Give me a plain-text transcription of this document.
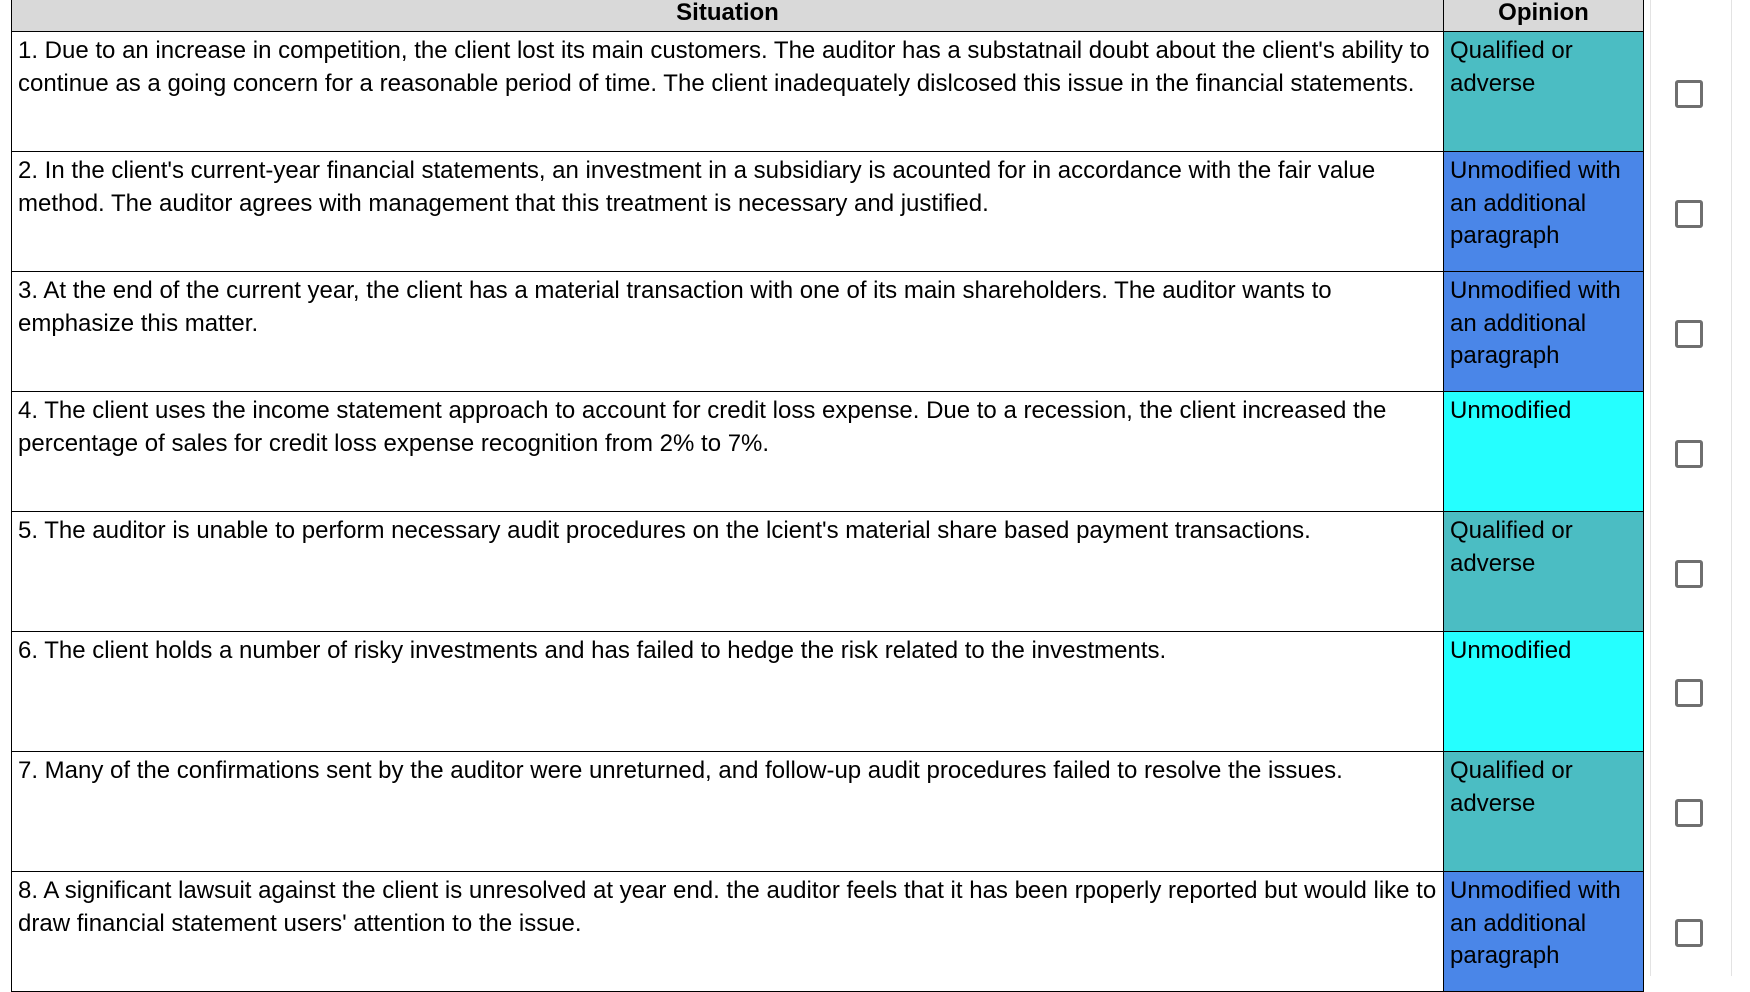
Situation	Opinion
1. Due to an increase in competition, the client lost its main customers. The auditor has a substatnail doubt about the client's ability to continue as a going concern for a reasonable period of time. The client inadequately dislcosed this issue in the financial statements.	Qualified or adverse
2. In the client's current-year financial statements, an investment in a subsidiary is acounted for in accordance with the fair value method. The auditor agrees with management that this treatment is necessary and justified.	Unmodified with an additional paragraph
3. At the end of the current year, the client has a material transaction with one of its main shareholders. The auditor wants to emphasize this matter.	Unmodified with an additional paragraph
4. The client uses the income statement approach to account for credit loss expense. Due to a recession, the client increased the percentage of sales for credit loss expense recognition from 2% to 7%.	Unmodified
5. The auditor is unable to perform necessary audit procedures on the lcient's material share based payment transactions.	Qualified or adverse
6. The client holds a number of risky investments and has failed to hedge the risk related to the investments.	Unmodified
7. Many of the confirmations sent by the auditor were unreturned, and follow-up audit procedures failed to resolve the issues.	Qualified or adverse
8. A significant lawsuit against the client is unresolved at year end. the auditor feels that it has been rpoperly reported but would like to draw financial statement users' attention to the issue.	Unmodified with an additional paragraph
